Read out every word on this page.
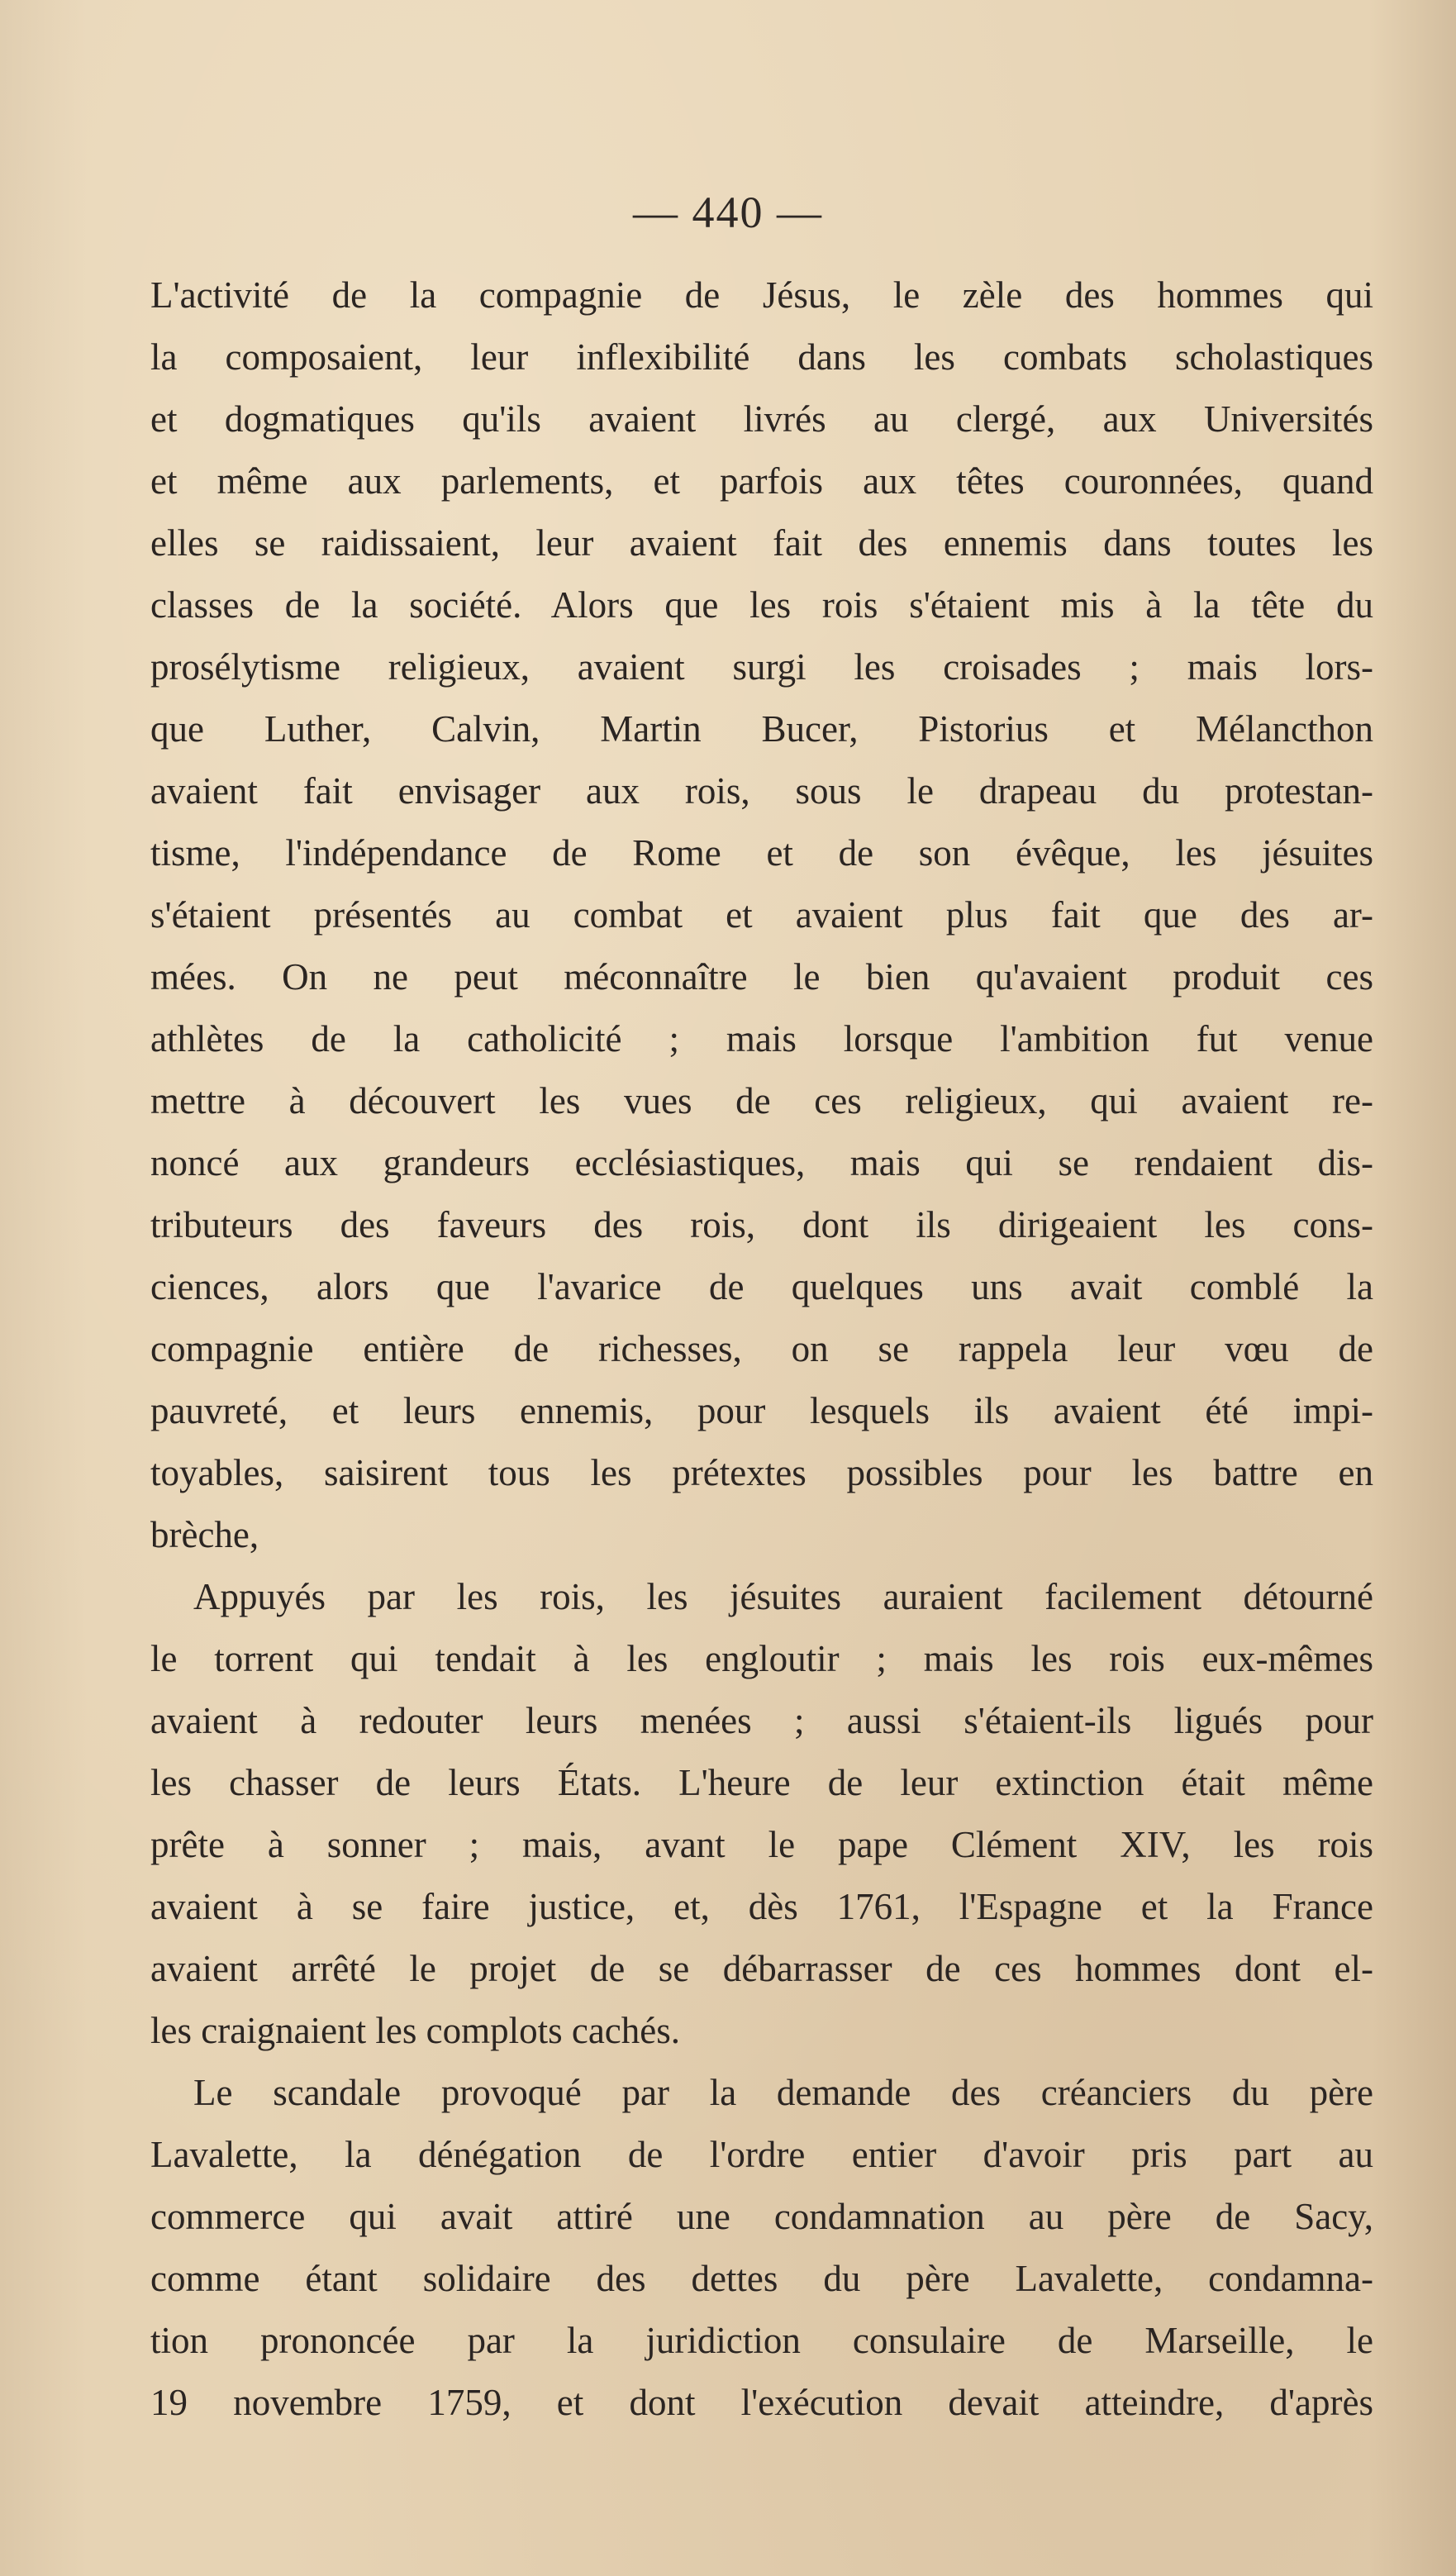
— 440 —
L'activité de la compagnie de Jésus, le zèle des hommes qui
la composaient, leur inflexibilité dans les combats scholastiques
et dogmatiques qu'ils avaient livrés au clergé, aux Universités
et même aux parlements, et parfois aux têtes couronnées, quand
elles se raidissaient, leur avaient fait des ennemis dans toutes les
classes de la société. Alors que les rois s'étaient mis à la tête du
prosélytisme religieux, avaient surgi les croisades ; mais lors-
que Luther, Calvin, Martin Bucer, Pistorius et Mélancthon
avaient fait envisager aux rois, sous le drapeau du protestan-
tisme, l'indépendance de Rome et de son évêque, les jésuites
s'étaient présentés au combat et avaient plus fait que des ar-
mées. On ne peut méconnaître le bien qu'avaient produit ces
athlètes de la catholicité ; mais lorsque l'ambition fut venue
mettre à découvert les vues de ces religieux, qui avaient re-
noncé aux grandeurs ecclésiastiques, mais qui se rendaient dis-
tributeurs des faveurs des rois, dont ils dirigeaient les cons-
ciences, alors que l'avarice de quelques uns avait comblé la
compagnie entière de richesses, on se rappela leur vœu de
pauvreté, et leurs ennemis, pour lesquels ils avaient été impi-
toyables, saisirent tous les prétextes possibles pour les battre en
brèche,
Appuyés par les rois, les jésuites auraient facilement détourné
le torrent qui tendait à les engloutir ; mais les rois eux-mêmes
avaient à redouter leurs menées ; aussi s'étaient-ils ligués pour
les chasser de leurs États. L'heure de leur extinction était même
prête à sonner ; mais, avant le pape Clément XIV, les rois
avaient à se faire justice, et, dès 1761, l'Espagne et la France
avaient arrêté le projet de se débarrasser de ces hommes dont el-
les craignaient les complots cachés.
Le scandale provoqué par la demande des créanciers du père
Lavalette, la dénégation de l'ordre entier d'avoir pris part au
commerce qui avait attiré une condamnation au père de Sacy,
comme étant solidaire des dettes du père Lavalette, condamna-
tion prononcée par la juridiction consulaire de Marseille, le
19 novembre 1759, et dont l'exécution devait atteindre, d'après
